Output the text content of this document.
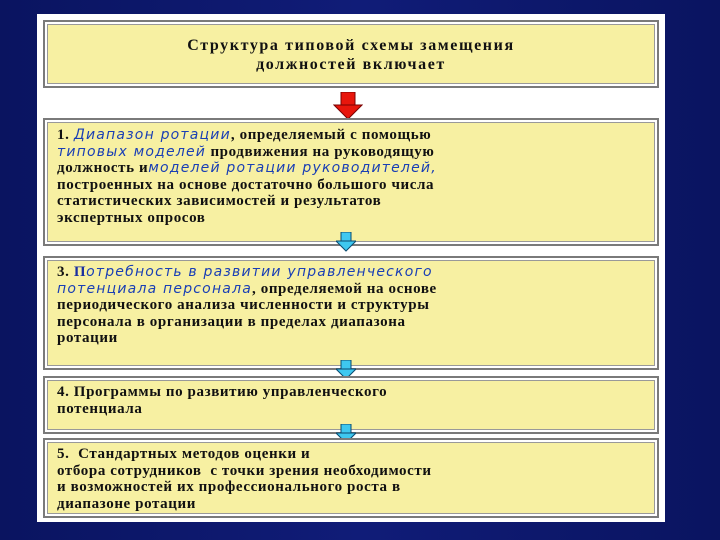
Структура типовой схемы замещения
должностей включает
1. Диапазон ротации, определяемый с помощью
типовых моделей продвижения на руководящую
должность имоделей ротации руководителей,
построенных на основе достаточно большого числа
статистических зависимостей и результатов
экспертных опросов
3. Потребность в развитии управленческого
потенциала персонала, определяемой на основе
периодического анализа численности и структуры
персонала в организации в пределах диапазона
ротации
4. Программы по развитию управленческого
потенциала
5.  Стандартных методов оценки и
отбора сотрудников  с точки зрения необходимости
и возможностей их профессионального роста в
диапазоне ротации
